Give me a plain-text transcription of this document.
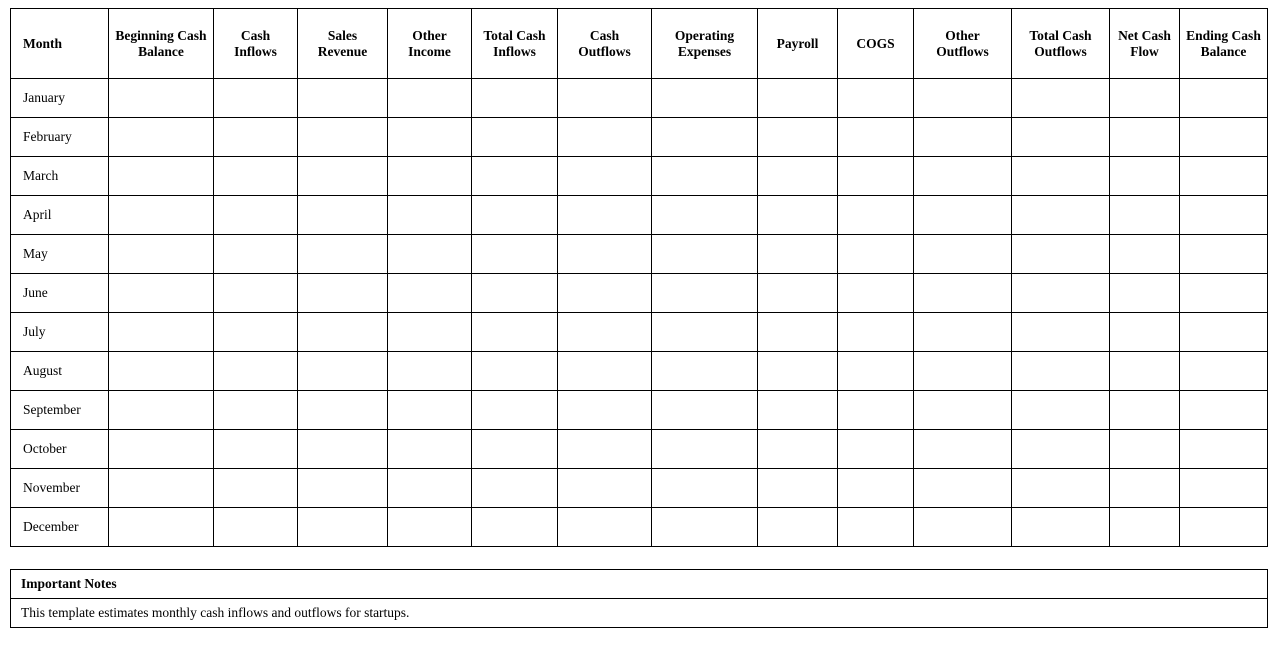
Month	Beginning Cash Balance	Cash Inflows	Sales Revenue	Other Income	Total Cash Inflows	Cash Outflows	Operating Expenses	Payroll	COGS	Other Outflows	Total Cash Outflows	Net Cash Flow	Ending Cash Balance
January													
February													
March													
April													
May													
June													
July													
August													
September													
October													
November													
December													
Important Notes
This template estimates monthly cash inflows and outflows for startups.
